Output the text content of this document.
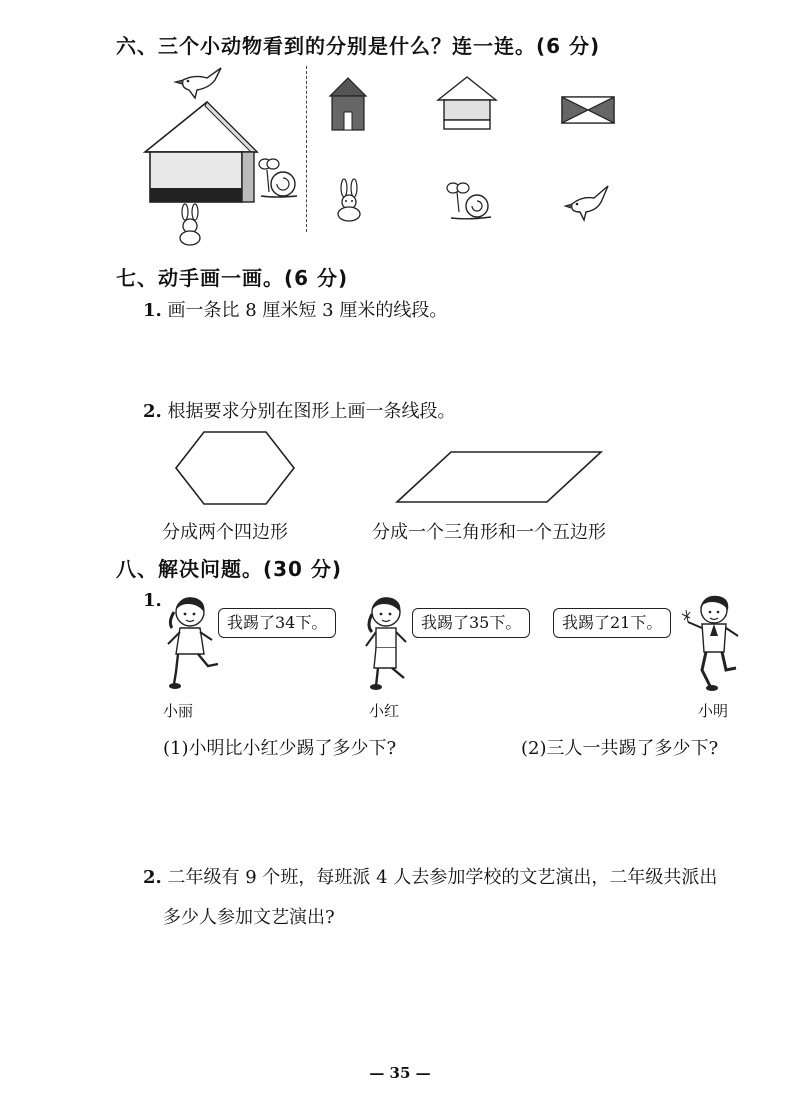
六、三个小动物看到的分别是什么？连一连。(6 分)
七、动手画一画。(6 分)
1. 画一条比 8 厘米短 3 厘米的线段。
2. 根据要求分别在图形上画一条线段。
分成两个四边形	分成一个三角形和一个五边形
八、解决问题。(30 分)
1.
我踢了34下。
小丽
我踢了35下。
小红
我踢了21下。
小明
(1)小明比小红少踢了多少下?	(2)三人一共踢了多少下?
2. 二年级有 9 个班，每班派 4 人去参加学校的文艺演出，二年级共派出
多少人参加文艺演出?
— 35 —
